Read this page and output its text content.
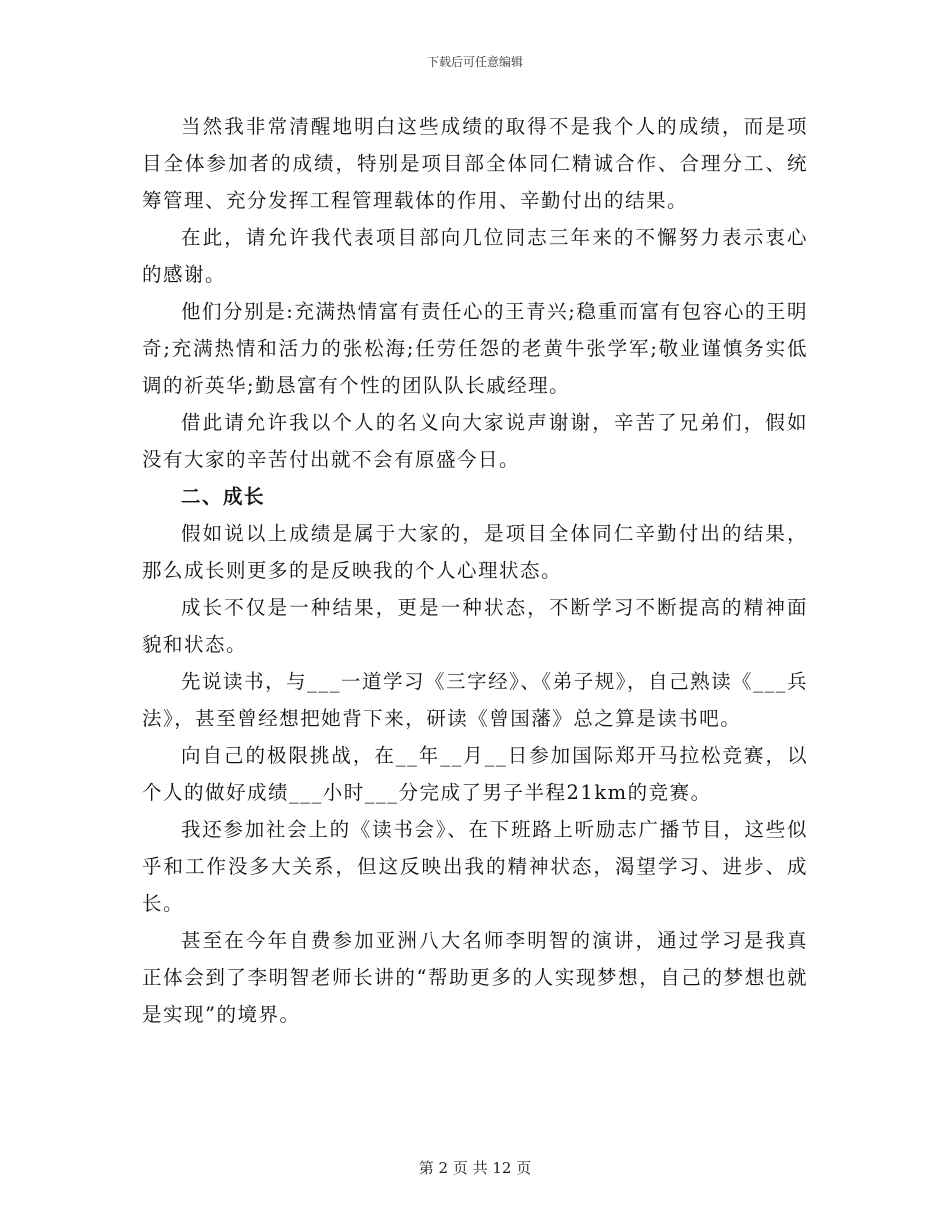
下载后可任意编辑

当然我非常清醒地明白这些成绩的取得不是我个人的成绩，而是项目全体参加者的成绩，特别是项目部全体同仁精诚合作、合理分工、统筹管理、充分发挥工程管理载体的作用、辛勤付出的结果。

在此，请允许我代表项目部向几位同志三年来的不懈努力表示衷心的感谢。

他们分别是:充满热情富有责任心的王青兴;稳重而富有包容心的王明奇;充满热情和活力的张松海;任劳任怨的老黄牛张学军;敬业谨慎务实低调的祈英华;勤恳富有个性的团队队长戚经理。

借此请允许我以个人的名义向大家说声谢谢，辛苦了兄弟们，假如没有大家的辛苦付出就不会有原盛今日。

二、成长

假如说以上成绩是属于大家的，是项目全体同仁辛勤付出的结果，那么成长则更多的是反映我的个人心理状态。

成长不仅是一种结果，更是一种状态，不断学习不断提高的精神面貌和状态。

先说读书，与___一道学习《三字经》、《弟子规》，自己熟读《___兵法》，甚至曾经想把她背下来，研读《曾国藩》总之算是读书吧。

向自己的极限挑战，在__年__月__日参加国际郑开马拉松竞赛，以个人的做好成绩___小时___分完成了男子半程21km的竞赛。

我还参加社会上的《读书会》、在下班路上听励志广播节目，这些似乎和工作没多大关系，但这反映出我的精神状态，渴望学习、进步、成长。

甚至在今年自费参加亚洲八大名师李明智的演讲，通过学习是我真正体会到了李明智老师长讲的“帮助更多的人实现梦想，自己的梦想也就是实现”的境界。

第 2 页 共 12 页
